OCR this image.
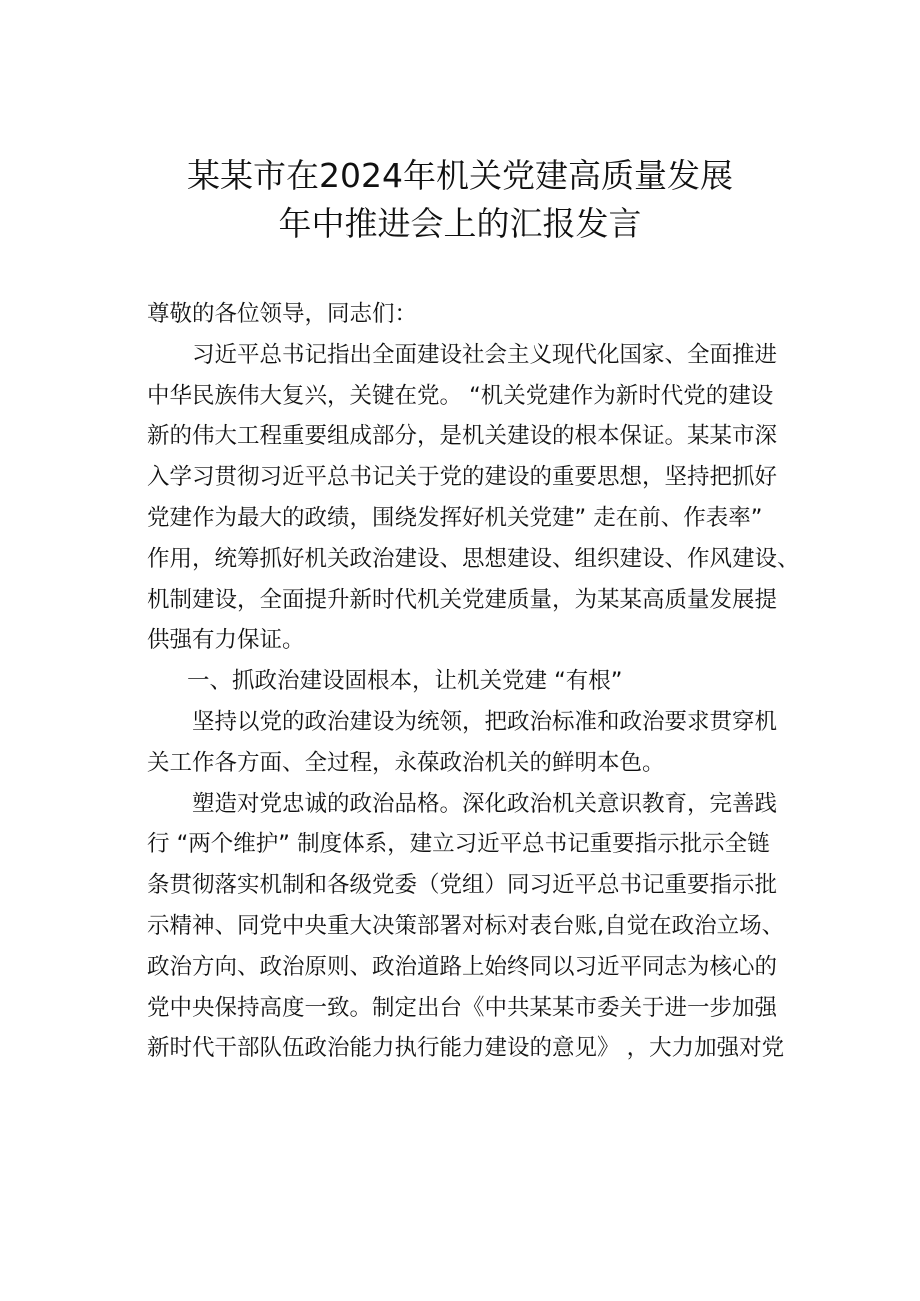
某某市在2024年机关党建高质量发展
年中推进会上的汇报发言

尊敬的各位领导，同志们：

习近平总书记指出全面建设社会主义现代化国家、全面推进
中华民族伟大复兴，关键在党。 “机关党建作为新时代党的建设
新的伟大工程重要组成部分，是机关建设的根本保证。某某市深
入学习贯彻习近平总书记关于党的建设的重要思想，坚持把抓好
党建作为最大的政绩，围绕发挥好机关党建” 走在前、作表率”
作用，统筹抓好机关政治建设、思想建设、组织建设、作风建设、
机制建设，全面提升新时代机关党建质量，为某某高质量发展提
供强有力保证。

一、抓政治建设固根本，让机关党建 “有根”

坚持以党的政治建设为统领，把政治标准和政治要求贯穿机
关工作各方面、全过程，永葆政治机关的鲜明本色。

塑造对党忠诚的政治品格。深化政治机关意识教育，完善践
行 “两个维护” 制度体系，建立习近平总书记重要指示批示全链
条贯彻落实机制和各级党委（党组）同习近平总书记重要指示批
示精神、同党中央重大决策部署对标对表台账,自觉在政治立场、
政治方向、政治原则、政治道路上始终同以习近平同志为核心的
党中央保持高度一致。制定出台《中共某某市委关于进一步加强
新时代干部队伍政治能力执行能力建设的意见》 ，大力加强对党
